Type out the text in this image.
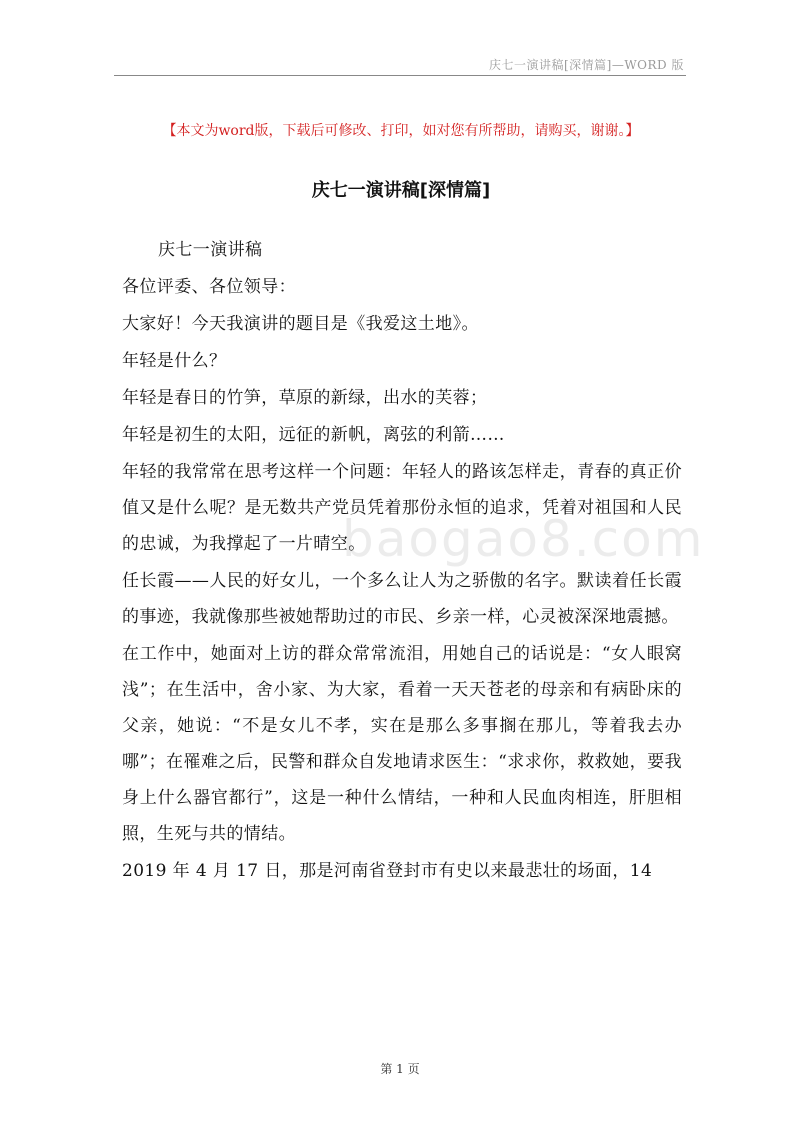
庆七一演讲稿[深情篇]—WORD 版
【本文为word版，下载后可修改、打印，如对您有所帮助，请购买，谢谢。】
庆七一演讲稿[深情篇]
baogao8.com

庆七一演讲稿

各位评委、各位领导：

大家好！今天我演讲的题目是《我爱这土地》。

年轻是什么？

年轻是春日的竹笋，草原的新绿，出水的芙蓉；

年轻是初生的太阳，远征的新帆，离弦的利箭……

年轻的我常常在思考这样一个问题：年轻人的路该怎样走，青春的真正价值又是什么呢？是无数共产党员凭着那份永恒的追求，凭着对祖国和人民的忠诚，为我撑起了一片晴空。

任长霞——人民的好女儿，一个多么让人为之骄傲的名字。默读着任长霞的事迹，我就像那些被她帮助过的市民、乡亲一样，心灵被深深地震撼。

在工作中，她面对上访的群众常常流泪，用她自己的话说是：“女人眼窝浅”；在生活中，舍小家、为大家，看着一天天苍老的母亲和有病卧床的父亲，她说：“不是女儿不孝，实在是那么多事搁在那儿，等着我去办哪”；在罹难之后，民警和群众自发地请求医生：“求求你，救救她，要我身上什么器官都行”，这是一种什么情结，一种和人民血肉相连，肝胆相照，生死与共的情结。

2019 年 4 月 17 日，那是河南省登封市有史以来最悲壮的场面，14

第 1 页
